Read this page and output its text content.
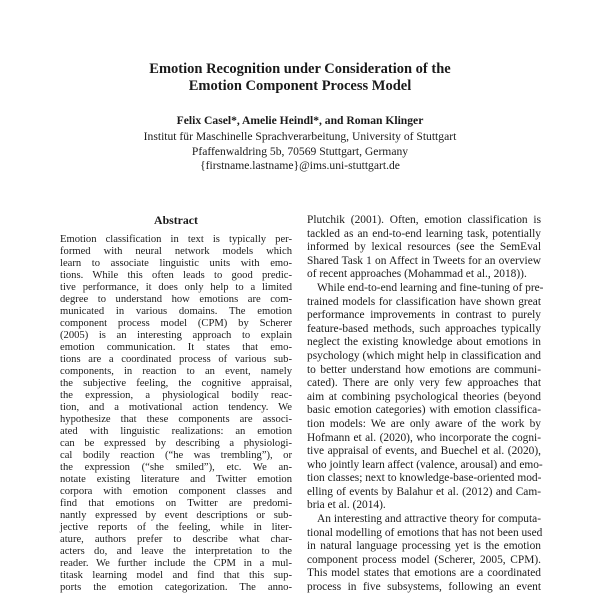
Emotion Recognition under Consideration of the
Emotion Component Process Model
Felix Casel*, Amelie Heindl*, and Roman Klinger
Institut für Maschinelle Sprachverarbeitung, University of Stuttgart
Pfaffenwaldring 5b, 70569 Stuttgart, Germany
{firstname.lastname}@ims.uni-stuttgart.de
Abstract
Emotion classification in text is typically per-
formed with neural network models which
learn to associate linguistic units with emo-
tions. While this often leads to good predic-
tive performance, it does only help to a limited
degree to understand how emotions are com-
municated in various domains. The emotion
component process model (CPM) by Scherer
(2005) is an interesting approach to explain
emotion communication. It states that emo-
tions are a coordinated process of various sub-
components, in reaction to an event, namely
the subjective feeling, the cognitive appraisal,
the expression, a physiological bodily reac-
tion, and a motivational action tendency. We
hypothesize that these components are associ-
ated with linguistic realizations: an emotion
can be expressed by describing a physiologi-
cal bodily reaction (“he was trembling”), or
the expression (“she smiled”), etc. We an-
notate existing literature and Twitter emotion
corpora with emotion component classes and
find that emotions on Twitter are predomi-
nantly expressed by event descriptions or sub-
jective reports of the feeling, while in liter-
ature, authors prefer to describe what char-
acters do, and leave the interpretation to the
reader. We further include the CPM in a mul-
titask learning model and find that this sup-
ports the emotion categorization. The anno-
Plutchik (2001). Often, emotion classification is
tackled as an end-to-end learning task, potentially
informed by lexical resources (see the SemEval
Shared Task 1 on Affect in Tweets for an overview
of recent approaches (Mohammad et al., 2018)).
While end-to-end learning and fine-tuning of pre-
trained models for classification have shown great
performance improvements in contrast to purely
feature-based methods, such approaches typically
neglect the existing knowledge about emotions in
psychology (which might help in classification and
to better understand how emotions are communi-
cated). There are only very few approaches that
aim at combining psychological theories (beyond
basic emotion categories) with emotion classifica-
tion models: We are only aware of the work by
Hofmann et al. (2020), who incorporate the cogni-
tive appraisal of events, and Buechel et al. (2020),
who jointly learn affect (valence, arousal) and emo-
tion classes; next to knowledge-base-oriented mod-
elling of events by Balahur et al. (2012) and Cam-
bria et al. (2014).
An interesting and attractive theory for computa-
tional modelling of emotions that has not been used
in natural language processing yet is the emotion
component process model (Scherer, 2005, CPM).
This model states that emotions are a coordinated
process in five subsystems, following an event
